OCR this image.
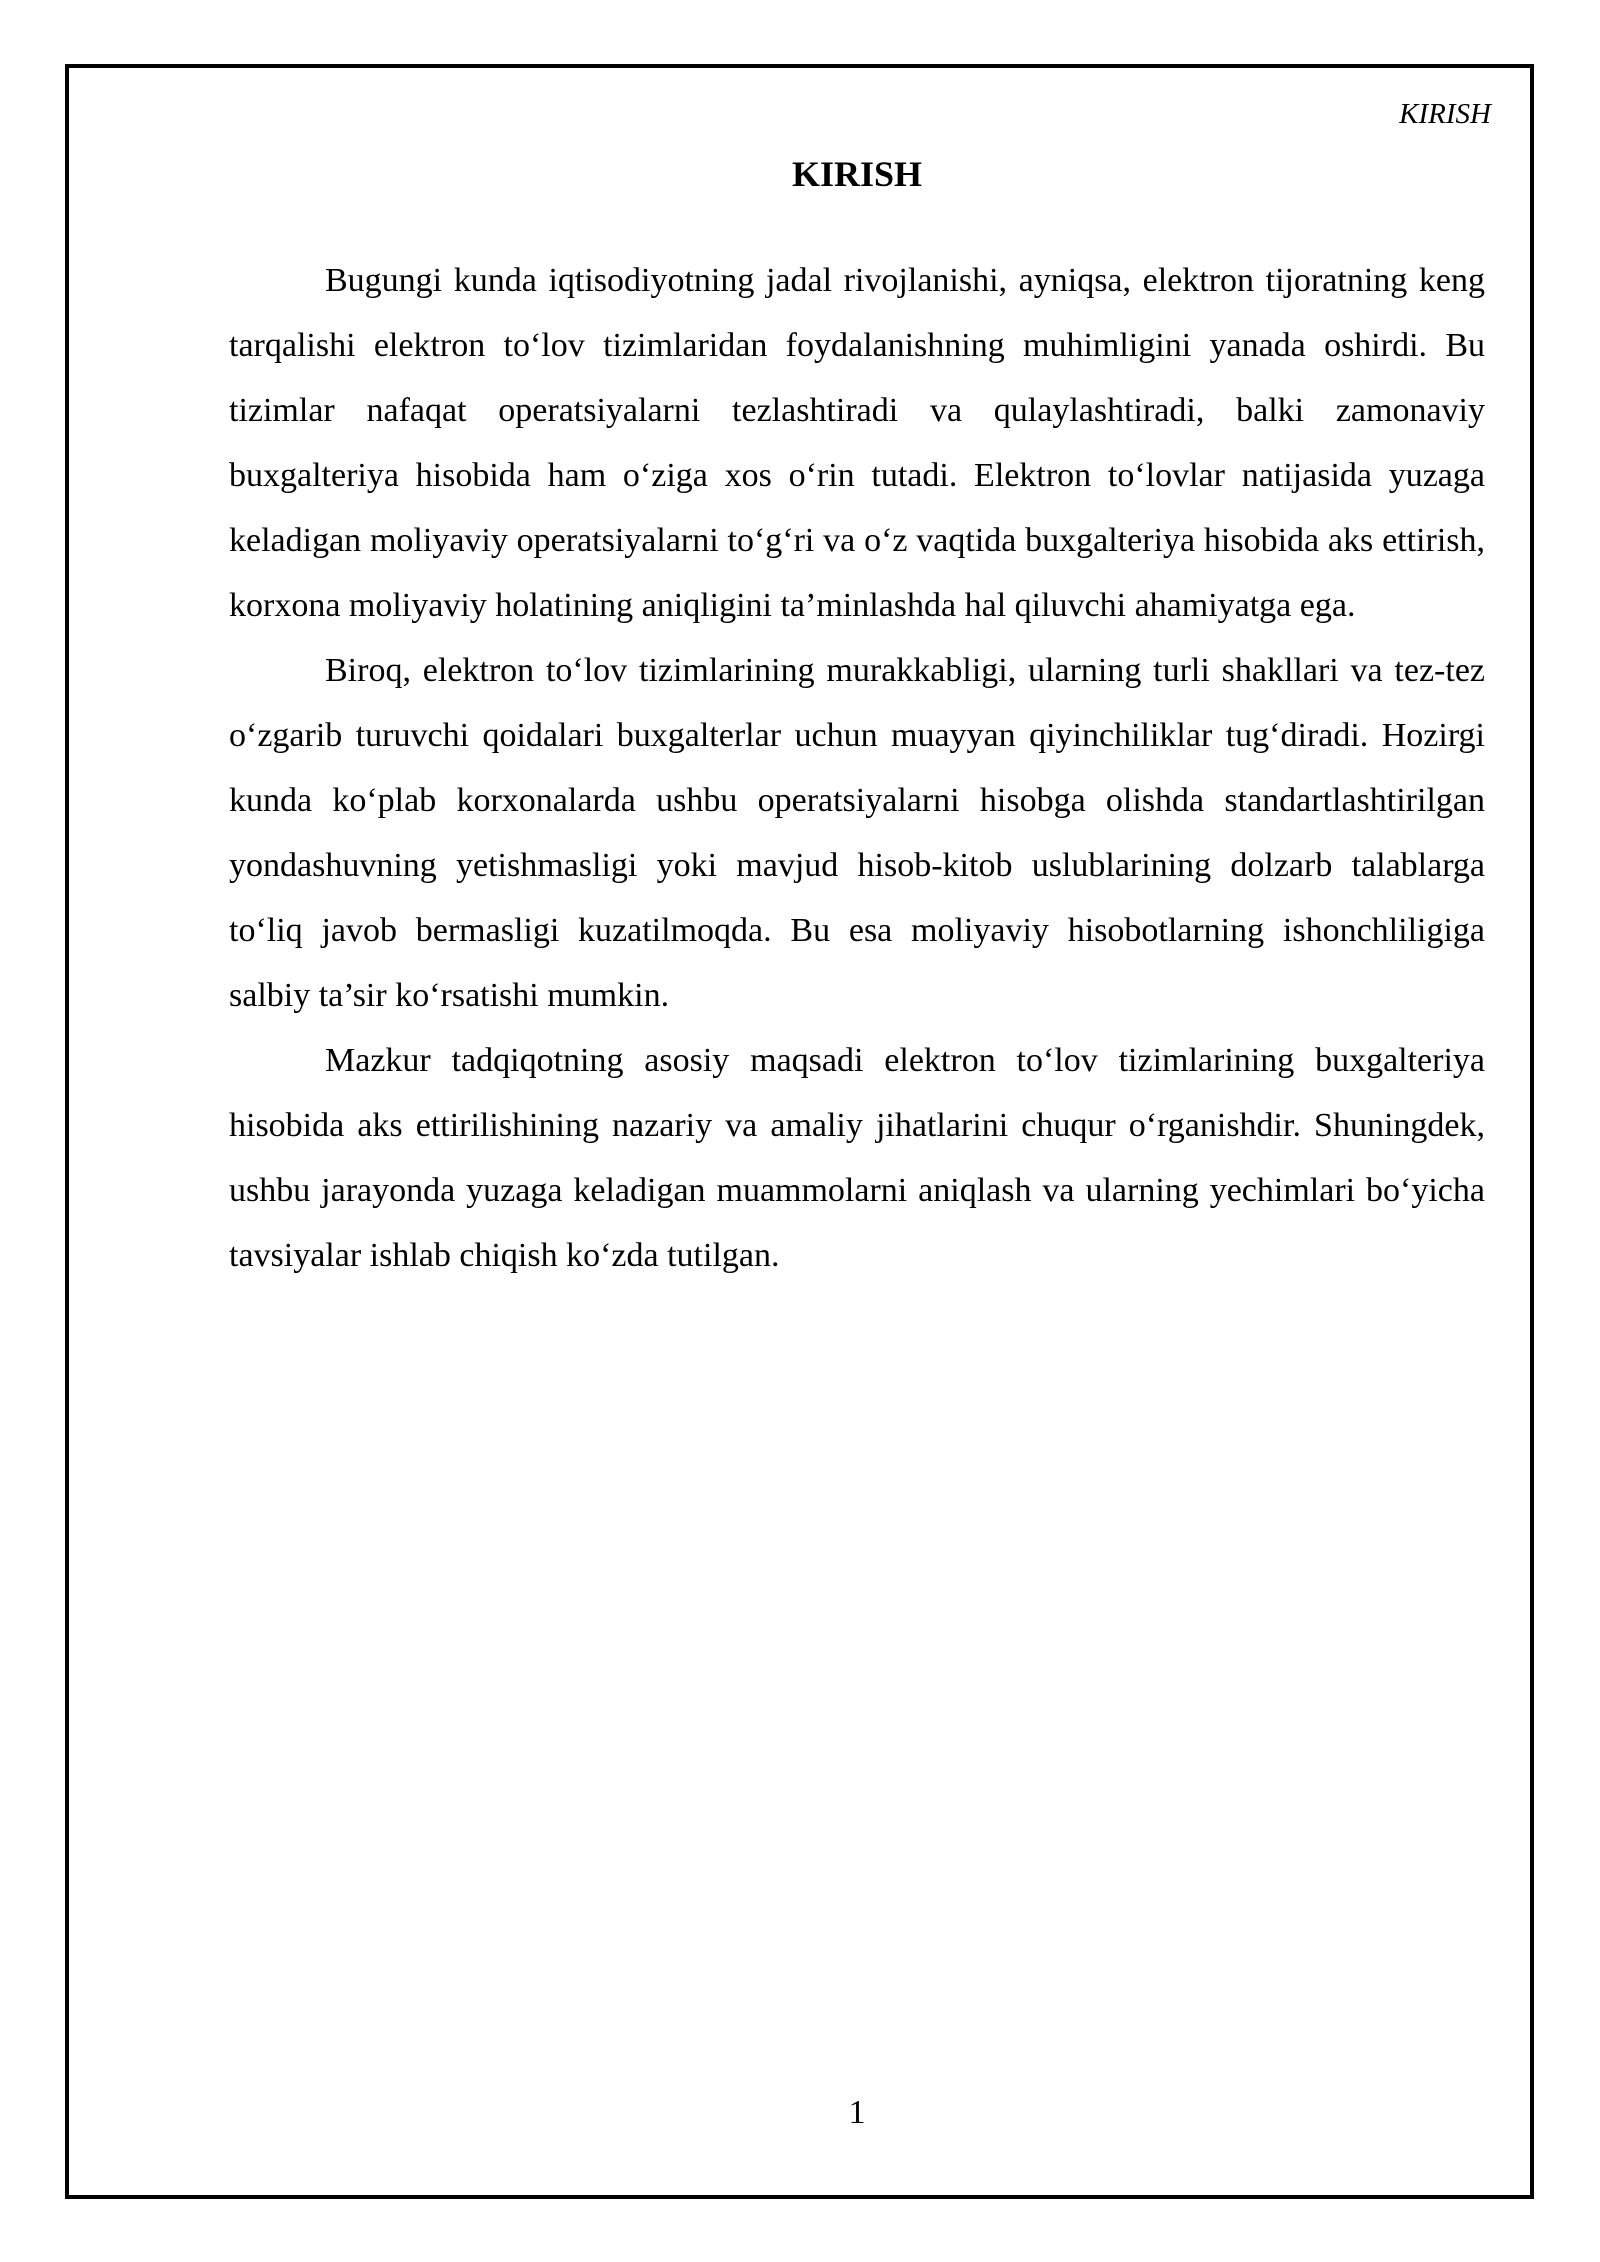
KIRISH
KIRISH

Bugungi kunda iqtisodiyotning jadal rivojlanishi, ayniqsa, elektron tijoratning keng tarqalishi elektron to‘lov tizimlaridan foydalanishning muhimligini yanada oshirdi. Bu tizimlar nafaqat operatsiyalarni tezlashtiradi va qulaylashtiradi, balki zamonaviy buxgalteriya hisobida ham o‘ziga xos o‘rin tutadi. Elektron to‘lovlar natijasida yuzaga keladigan moliyaviy operatsiyalarni to‘g‘ri va o‘z vaqtida buxgalteriya hisobida aks ettirish, korxona moliyaviy holatining aniqligini ta’minlashda hal qiluvchi ahamiyatga ega.

Biroq, elektron to‘lov tizimlarining murakkabligi, ularning turli shakllari va tez-tez o‘zgarib turuvchi qoidalari buxgalterlar uchun muayyan qiyinchiliklar tug‘diradi. Hozirgi kunda ko‘plab korxonalarda ushbu operatsiyalarni hisobga olishda standartlashtirilgan yondashuvning yetishmasligi yoki mavjud hisob-kitob uslublarining dolzarb talablarga to‘liq javob bermasligi kuzatilmoqda. Bu esa moliyaviy hisobotlarning ishonchliligiga salbiy ta’sir ko‘rsatishi mumkin.

Mazkur tadqiqotning asosiy maqsadi elektron to‘lov tizimlarining buxgalteriya hisobida aks ettirilishining nazariy va amaliy jihatlarini chuqur o‘rganishdir. Shuningdek, ushbu jarayonda yuzaga keladigan muammolarni aniqlash va ularning yechimlari bo‘yicha tavsiyalar ishlab chiqish ko‘zda tutilgan.

1
